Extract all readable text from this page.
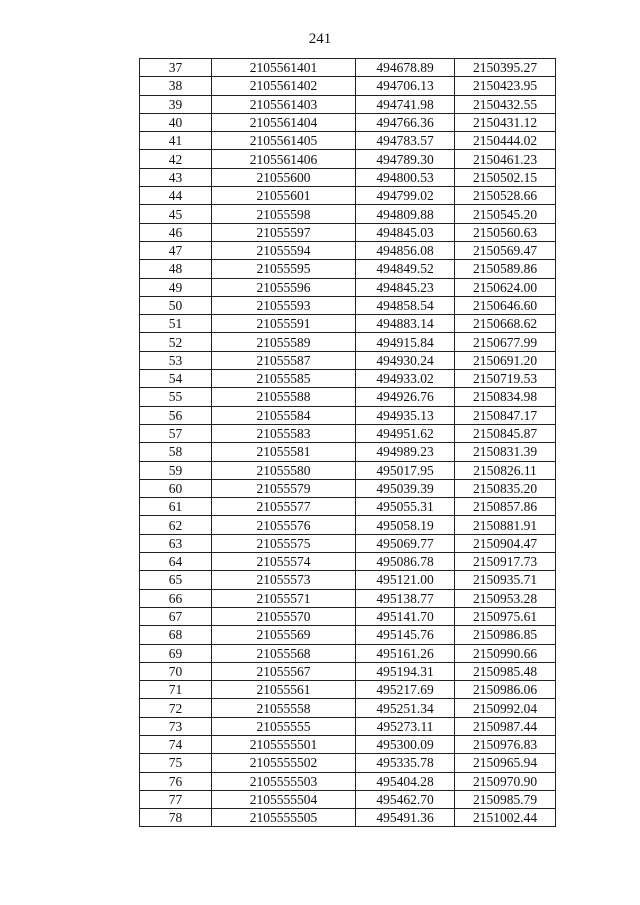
241
37	2105561401	494678.89	2150395.27
38	2105561402	494706.13	2150423.95
39	2105561403	494741.98	2150432.55
40	2105561404	494766.36	2150431.12
41	2105561405	494783.57	2150444.02
42	2105561406	494789.30	2150461.23
43	21055600	494800.53	2150502.15
44	21055601	494799.02	2150528.66
45	21055598	494809.88	2150545.20
46	21055597	494845.03	2150560.63
47	21055594	494856.08	2150569.47
48	21055595	494849.52	2150589.86
49	21055596	494845.23	2150624.00
50	21055593	494858.54	2150646.60
51	21055591	494883.14	2150668.62
52	21055589	494915.84	2150677.99
53	21055587	494930.24	2150691.20
54	21055585	494933.02	2150719.53
55	21055588	494926.76	2150834.98
56	21055584	494935.13	2150847.17
57	21055583	494951.62	2150845.87
58	21055581	494989.23	2150831.39
59	21055580	495017.95	2150826.11
60	21055579	495039.39	2150835.20
61	21055577	495055.31	2150857.86
62	21055576	495058.19	2150881.91
63	21055575	495069.77	2150904.47
64	21055574	495086.78	2150917.73
65	21055573	495121.00	2150935.71
66	21055571	495138.77	2150953.28
67	21055570	495141.70	2150975.61
68	21055569	495145.76	2150986.85
69	21055568	495161.26	2150990.66
70	21055567	495194.31	2150985.48
71	21055561	495217.69	2150986.06
72	21055558	495251.34	2150992.04
73	21055555	495273.11	2150987.44
74	2105555501	495300.09	2150976.83
75	2105555502	495335.78	2150965.94
76	2105555503	495404.28	2150970.90
77	2105555504	495462.70	2150985.79
78	2105555505	495491.36	2151002.44
